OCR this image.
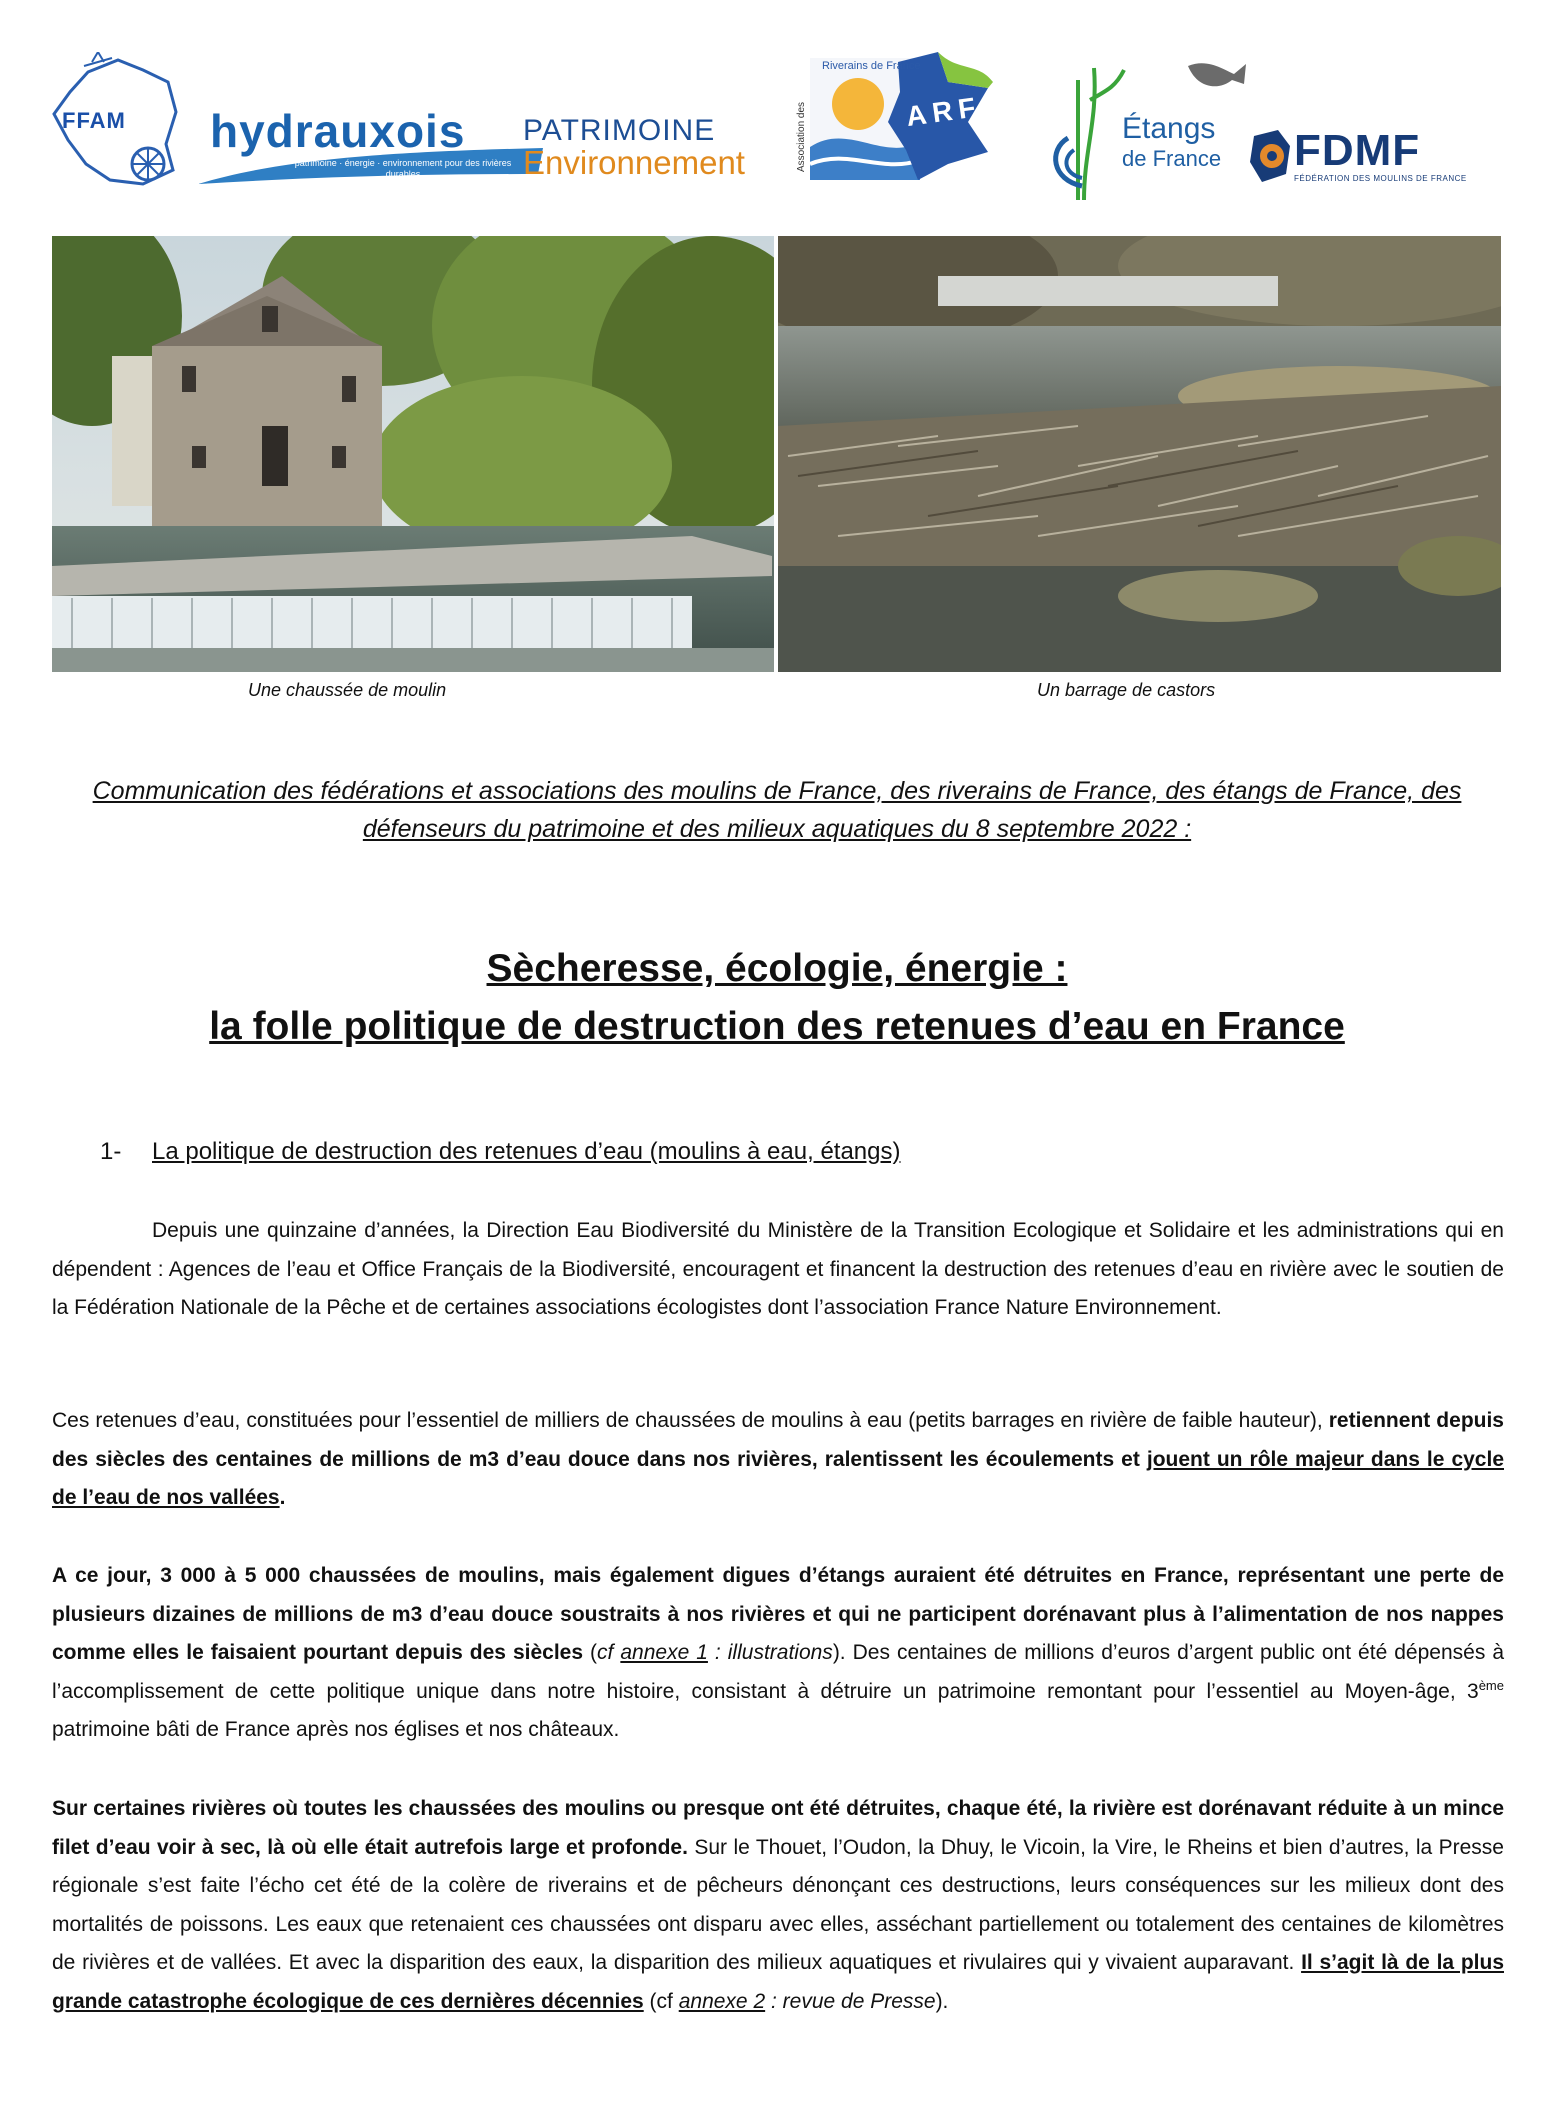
FFAM hydrauxois
patrimoine · énergie · environnement pour des rivières durables
PATRIMOINE
Environnement
Riverains de France
Association des	ARF	Étangs
de France FDMF
FÉDÉRATION DES MOULINS DE FRANCE
Une chaussée de moulin	Un barrage de castors
Communication des fédérations et associations des moulins de France, des riverains de France, des étangs de France, des défenseurs du patrimoine et des milieux aquatiques du 8 septembre 2022 :
Sècheresse, écologie, énergie :
la folle politique de destruction des retenues d’eau en France
1- La politique de destruction des retenues d’eau (moulins à eau, étangs)
Depuis une quinzaine d’années, la Direction Eau Biodiversité du Ministère de la Transition Ecologique et Solidaire et les administrations qui en dépendent : Agences de l’eau et Office Français de la Biodiversité, encouragent et financent la destruction des retenues d’eau en rivière avec le soutien de la Fédération Nationale de la Pêche et de certaines associations écologistes dont l’association France Nature Environnement.
Ces retenues d’eau, constituées pour l’essentiel de milliers de chaussées de moulins à eau (petits barrages en rivière de faible hauteur), retiennent depuis des siècles des centaines de millions de m3 d’eau douce dans nos rivières, ralentissent les écoulements et jouent un rôle majeur dans le cycle de l’eau de nos vallées.
A ce jour, 3 000 à 5 000 chaussées de moulins, mais également digues d’étangs auraient été détruites en France, représentant une perte de plusieurs dizaines de millions de m3 d’eau douce soustraits à nos rivières et qui ne participent dorénavant plus à l’alimentation de nos nappes comme elles le faisaient pourtant depuis des siècles (cf annexe 1 : illustrations). Des centaines de millions d’euros d’argent public ont été dépensés à l’accomplissement de cette politique unique dans notre histoire, consistant à détruire un patrimoine remontant pour l’essentiel au Moyen-âge, 3ème patrimoine bâti de France après nos églises et nos châteaux.
Sur certaines rivières où toutes les chaussées des moulins ou presque ont été détruites, chaque été, la rivière est dorénavant réduite à un mince filet d’eau voir à sec, là où elle était autrefois large et profonde. Sur le Thouet, l’Oudon, la Dhuy, le Vicoin, la Vire, le Rheins et bien d’autres, la Presse régionale s’est faite l’écho cet été de la colère de riverains et de pêcheurs dénonçant ces destructions, leurs conséquences sur les milieux dont des mortalités de poissons. Les eaux que retenaient ces chaussées ont disparu avec elles, asséchant partiellement ou totalement des centaines de kilomètres de rivières et de vallées. Et avec la disparition des eaux, la disparition des milieux aquatiques et rivulaires qui y vivaient auparavant. Il s’agit là de la plus grande catastrophe écologique de ces dernières décennies (cf annexe 2 : revue de Presse).
